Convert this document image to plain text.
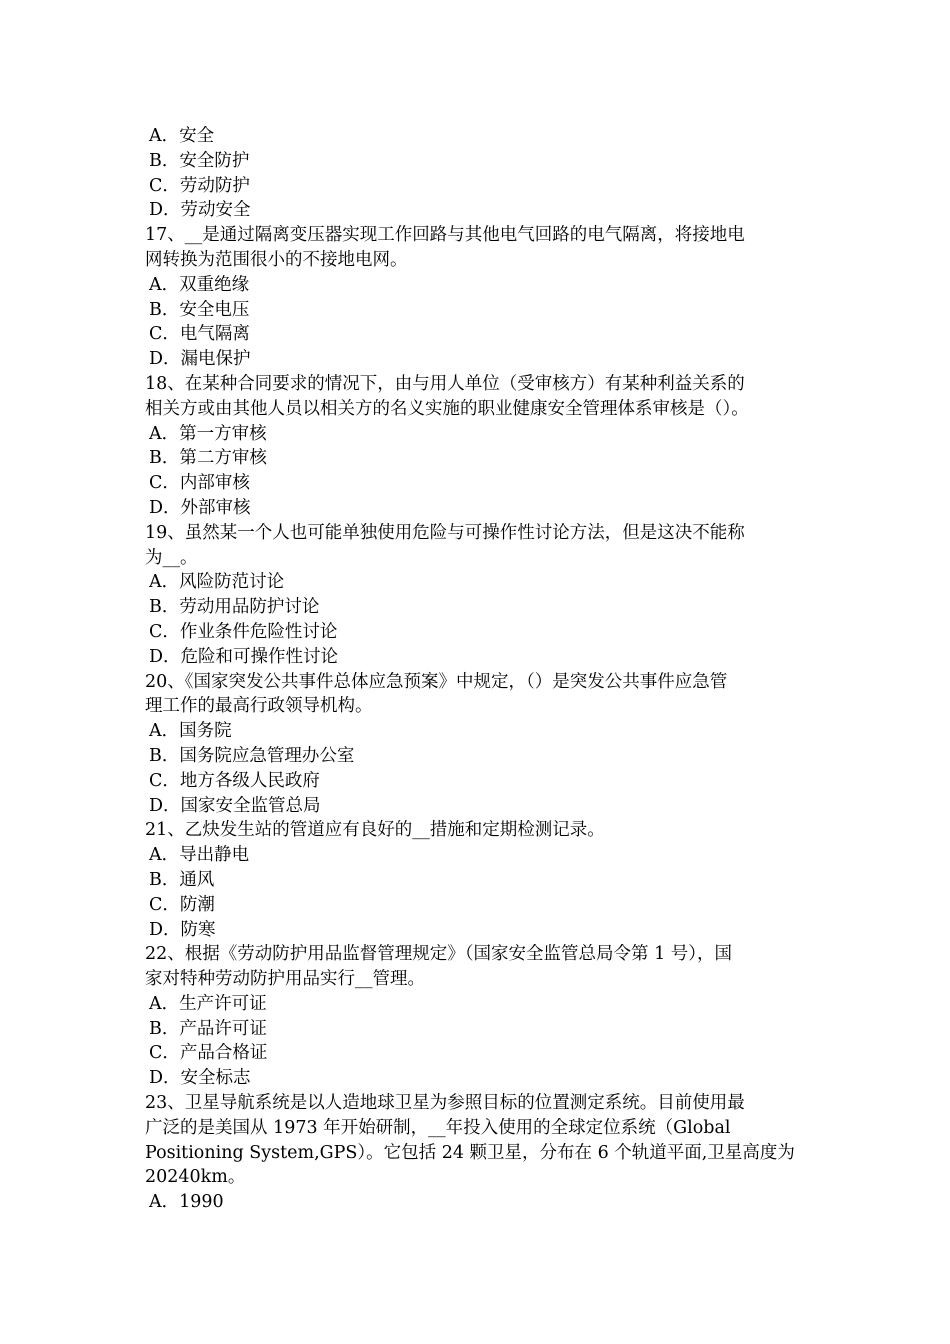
A．安全
B．安全防护
C．劳动防护
D．劳动安全
17、__是通过隔离变压器实现工作回路与其他电气回路的电气隔离，将接地电
网转换为范围很小的不接地电网。
A．双重绝缘
B．安全电压
C．电气隔离
D．漏电保护
18、在某种合同要求的情况下，由与用人单位（受审核方）有某种利益关系的
相关方或由其他人员以相关方的名义实施的职业健康安全管理体系审核是（）。
A．第一方审核
B．第二方审核
C．内部审核
D．外部审核
19、虽然某一个人也可能单独使用危险与可操作性讨论方法，但是这决不能称
为__。
A．风险防范讨论
B．劳动用品防护讨论
C．作业条件危险性讨论
D．危险和可操作性讨论
20、《国家突发公共事件总体应急预案》中规定，（）是突发公共事件应急管
理工作的最高行政领导机构。
A．国务院
B．国务院应急管理办公室
C．地方各级人民政府
D．国家安全监管总局
21、乙炔发生站的管道应有良好的__措施和定期检测记录。
A．导出静电
B．通风
C．防潮
D．防寒
22、根据《劳动防护用品监督管理规定》（国家安全监管总局令第 1 号），国
家对特种劳动防护用品实行__管理。
A．生产许可证
B．产品许可证
C．产品合格证
D．安全标志
23、卫星导航系统是以人造地球卫星为参照目标的位置测定系统。目前使用最
广泛的是美国从 1973 年开始研制，__年投入使用的全球定位系统（Global
Positioning System,GPS）。它包括 24 颗卫星，分布在 6 个轨道平面,卫星高度为
20240km。
A．1990
